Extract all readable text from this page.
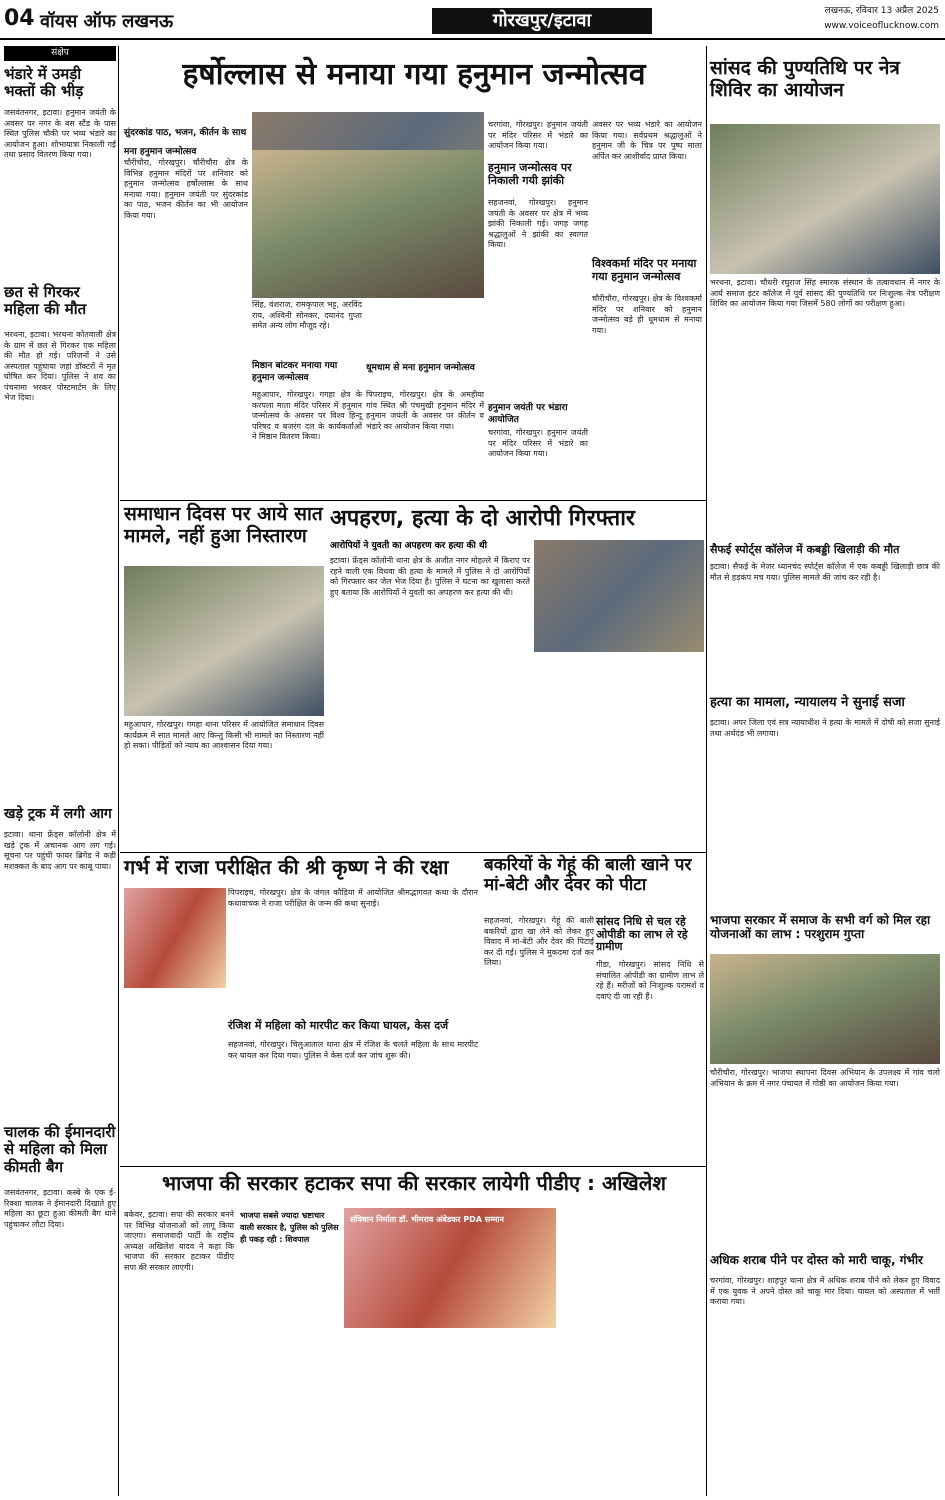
04 वॉयस ऑफ लखनऊ	गोरखपुर/इटावा	लखनऊ, रविवार 13 अप्रैल 2025
www.voiceoflucknow.com
संक्षेप
भंडारे में उमड़ी भक्तों की भीड़
जसवंतनगर, इटावा। हनुमान जयंती के अवसर पर नगर के बस स्टैंड के पास स्थित पुलिस चौकी पर भव्य भंडारे का आयोजन हुआ। शोभायात्रा निकाली गई तथा प्रसाद वितरण किया गया।
छत से गिरकर महिला की मौत
भरथना, इटावा। भरथना कोतवाली क्षेत्र के ग्राम में छत से गिरकर एक महिला की मौत हो गई। परिजनों ने उसे अस्पताल पहुंचाया जहां डॉक्टरों ने मृत घोषित कर दिया। पुलिस ने शव का पंचनामा भरकर पोस्टमार्टम के लिए भेज दिया।
खड़े ट्रक में लगी आग
इटावा। थाना फ्रेंड्स कॉलोनी क्षेत्र में खड़े ट्रक में अचानक आग लग गई। सूचना पर पहुंची फायर ब्रिगेड ने कड़ी मशक्कत के बाद आग पर काबू पाया।
चालक की ईमानदारी से महिला को मिला कीमती बैग
जसवंतनगर, इटावा। कस्बे के एक ई-रिक्शा चालक ने ईमानदारी दिखाते हुए महिला का छूटा हुआ कीमती बैग थाने पहुंचाकर लौटा दिया।
हर्षोल्लास से मनाया गया हनुमान जन्मोत्सव
सुंदरकांड पाठ, भजन, कीर्तन के साथ मना हनुमान जन्मोत्सव
चौरीचौरा, गोरखपुर। चौरीचौरा क्षेत्र के विभिन्न हनुमान मंदिरों पर शनिवार को हनुमान जन्मोत्सव हर्षोल्लास के साथ मनाया गया। हनुमान जयंती पर सुंदरकांड का पाठ, भजन कीर्तन का भी आयोजन किया गया।
सिंह, वंशराज, रामकृपाल भट्ट, अरविंद राय, अश्विनी सोनकर, दयानंद गुप्ता समेत अन्य लोग मौजूद रहे।
मिष्ठान बांटकर मनाया गया हनुमान जन्मोत्सव
महुआपार, गोरखपुर। गगहा क्षेत्र के करपला माता मंदिर परिसर में हनुमान जन्मोत्सव के अवसर पर विश्व हिन्दू परिषद व बजरंग दल के कार्यकर्ताओं ने मिष्ठान वितरण किया।
धूमधाम से मना हनुमान जन्मोत्सव
पिपराइच, गोरखपुर। क्षेत्र के अमहीया गांव स्थित श्री पंचमुखी हनुमान मंदिर में हनुमान जयंती के अवसर पर कीर्तन व भंडारे का आयोजन किया गया।
चरगांवा, गोरखपुर। हनुमान जयंती पर मंदिर परिसर में भंडारे का आयोजन किया गया।
हनुमान जन्मोत्सव पर निकाली गयी झांकी
सहजनवां, गोरखपुर। हनुमान जयंती के अवसर पर क्षेत्र में भव्य झांकी निकाली गई। जगह जगह श्रद्धालुओं ने झांकी का स्वागत किया।
हनुमान जयंती पर भंडारा आयोजित
चरगांवा, गोरखपुर। हनुमान जयंती पर मंदिर परिसर में भंडारे का आयोजन किया गया।
अवसर पर भव्य भंडारे का आयोजन किया गया। सर्वप्रथम श्रद्धालुओं ने हनुमान जी के चित्र पर पुष्प माला अर्पित कर आशीर्वाद प्राप्त किया।
विश्वकर्मा मंदिर पर मनाया गया हनुमान जन्मोत्सव
चौरीचौरा, गोरखपुर। क्षेत्र के विश्वकर्मा मंदिर पर शनिवार को हनुमान जन्मोत्सव बड़े ही धूमधाम से मनाया गया।
सांसद की पुण्यतिथि पर नेत्र शिविर का आयोजन
भरथना, इटावा। चौधरी रघुराज सिंह स्मारक संस्थान के तत्वावधान में नगर के आर्य समाज इंटर कॉलेज में पूर्व सांसद की पुण्यतिथि पर निःशुल्क नेत्र परीक्षण शिविर का आयोजन किया गया जिसमें 580 लोगों का परीक्षण हुआ।
सैफई स्पोर्ट्स कॉलेज में कबड्डी खिलाड़ी की मौत
इटावा। सैफई के मेजर ध्यानचंद स्पोर्ट्स कॉलेज में एक कबड्डी खिलाड़ी छात्र की मौत से हड़कंप मच गया। पुलिस मामले की जांच कर रही है।
हत्या का मामला, न्यायालय ने सुनाई सजा
इटावा। अपर जिला एवं सत्र न्यायाधीश ने हत्या के मामले में दोषी को सजा सुनाई तथा अर्थदंड भी लगाया।
भाजपा सरकार में समाज के सभी वर्ग को मिल रहा योजनाओं का लाभ : परशुराम गुप्ता
चौरीचौरा, गोरखपुर। भाजपा स्थापना दिवस अभियान के उपलक्ष्य में गांव चलो अभियान के क्रम में नगर पंचायत में गोष्ठी का आयोजन किया गया।
अधिक शराब पीने पर दोस्त को मारी चाकू, गंभीर
चरगांवा, गोरखपुर। शाहपुर थाना क्षेत्र में अधिक शराब पीने को लेकर हुए विवाद में एक युवक ने अपने दोस्त को चाकू मार दिया। घायल को अस्पताल में भर्ती कराया गया।
समाधान दिवस पर आये सात मामले, नहीं हुआ निस्तारण
महुआपार, गोरखपुर। गगहा थाना परिसर में आयोजित समाधान दिवस कार्यक्रम में सात मामले आए किन्तु किसी भी मामले का निस्तारण नहीं हो सका। पीड़ितों को न्याय का आश्वासन दिया गया।
अपहरण, हत्या के दो आरोपी गिरफ्तार
आरोपियों ने युवती का अपहरण कर हत्या की थी
इटावा। फ्रेंड्स कॉलोनी थाना क्षेत्र के अजीत नगर मोहल्ले में किराए पर रहने वाली एक विधवा की हत्या के मामले में पुलिस ने दो आरोपियों को गिरफ्तार कर जेल भेज दिया है। पुलिस ने घटना का खुलासा करते हुए बताया कि आरोपियों ने युवती का अपहरण कर हत्या की थी।
गर्भ में राजा परीक्षित की श्री कृष्ण ने की रक्षा
पिपराइच, गोरखपुर। क्षेत्र के जंगल कौड़िया में आयोजित श्रीमद्भागवत कथा के दौरान कथावाचक ने राजा परीक्षित के जन्म की कथा सुनाई।
बकरियों के गेहूं की बाली खाने पर मां-बेटी और देवर को पीटा
सहजनवां, गोरखपुर। गेहूं की बाली बकरियों द्वारा खा लेने को लेकर हुए विवाद में मां-बेटी और देवर की पिटाई कर दी गई। पुलिस ने मुकदमा दर्ज कर लिया।
सांसद निधि से चल रहे ओपीडी का लाभ ले रहे ग्रामीण
गीडा, गोरखपुर। सांसद निधि से संचालित ओपीडी का ग्रामीण लाभ ले रहे हैं। मरीजों को निःशुल्क परामर्श व दवाएं दी जा रही हैं।
रंजिश में महिला को मारपीट कर किया घायल, केस दर्ज
सहजनवां, गोरखपुर। चिलुआताल थाना क्षेत्र में रंजिश के चलते महिला के साथ मारपीट कर घायल कर दिया गया। पुलिस ने केस दर्ज कर जांच शुरू की।
भाजपा की सरकार हटाकर सपा की सरकार लायेगी पीडीए : अखिलेश
बकेवर, इटावा। सपा की सरकार बनने पर विभिन्न योजनाओं को लागू किया जाएगा। समाजवादी पार्टी के राष्ट्रीय अध्यक्ष अखिलेश यादव ने कहा कि भाजपा की सरकार हटाकर पीडीए सपा की सरकार लाएगी।
भाजपा सबसे ज्यादा भ्रष्टाचार वाली सरकार है, पुलिस को पुलिस ही पकड़ रही : शिवपाल
संविधान निर्माता डॉ. भीमराव अंबेडकर PDA सम्मान
